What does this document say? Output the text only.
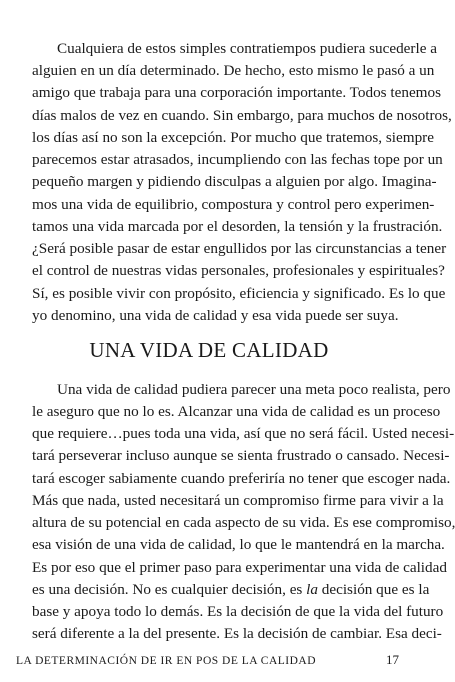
Cualquiera de estos simples contratiempos pudiera sucederle a
alguien en un día determinado. De hecho, esto mismo le pasó a un
amigo que trabaja para una corporación importante. Todos tenemos
días malos de vez en cuando. Sin embargo, para muchos de nosotros,
los días así no son la excepción. Por mucho que tratemos, siempre
parecemos estar atrasados, incumpliendo con las fechas tope por un
pequeño margen y pidiendo disculpas a alguien por algo. Imagina-
mos una vida de equilibrio, compostura y control pero experimen-
tamos una vida marcada por el desorden, la tensión y la frustración.
¿Será posible pasar de estar engullidos por las circunstancias a tener
el control de nuestras vidas personales, profesionales y espirituales?
Sí, es posible vivir con propósito, eficiencia y significado. Es lo que
yo denomino, una vida de calidad y esa vida puede ser suya.
UNA VIDA DE CALIDAD
Una vida de calidad pudiera parecer una meta poco realista, pero
le aseguro que no lo es. Alcanzar una vida de calidad es un proceso
que requiere…pues toda una vida, así que no será fácil. Usted necesi-
tará perseverar incluso aunque se sienta frustrado o cansado. Necesi-
tará escoger sabiamente cuando preferiría no tener que escoger nada.
Más que nada, usted necesitará un compromiso firme para vivir a la
altura de su potencial en cada aspecto de su vida. Es ese compromiso,
esa visión de una vida de calidad, lo que le mantendrá en la marcha.
Es por eso que el primer paso para experimentar una vida de calidad
es una decisión. No es cualquier decisión, es la decisión que es la
base y apoya todo lo demás. Es la decisión de que la vida del futuro
será diferente a la del presente. Es la decisión de cambiar. Esa deci-
LA DETERMINACIÓN DE IR EN POS DE LA CALIDAD	17
